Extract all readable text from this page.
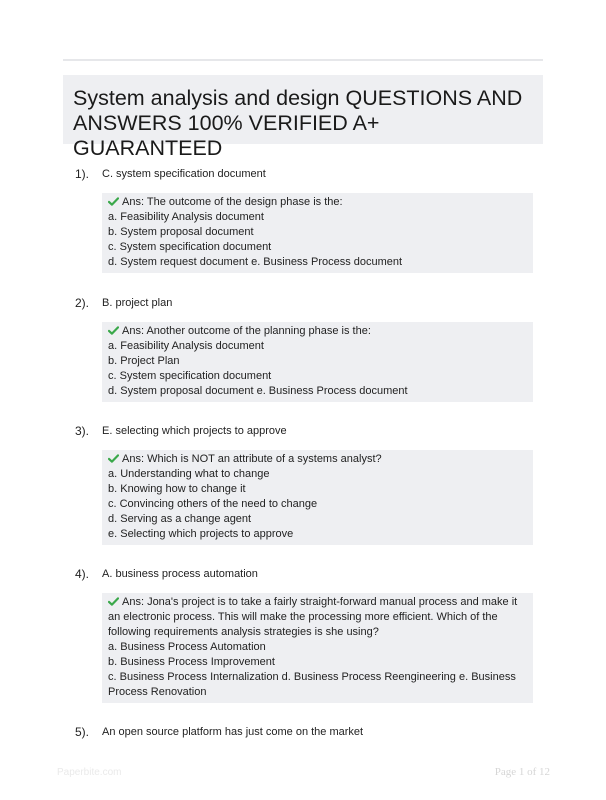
System analysis and design QUESTIONS AND ANSWERS 100% VERIFIED A+ GUARANTEED
1). C. system specification document
Ans: The outcome of the design phase is the:
a. Feasibility Analysis document
b. System proposal document
c. System specification document
d. System request document e. Business Process document
2). B. project plan
Ans: Another outcome of the planning phase is the:
a. Feasibility Analysis document
b. Project Plan
c. System specification document
d. System proposal document e. Business Process document
3). E. selecting which projects to approve
Ans: Which is NOT an attribute of a systems analyst?
a. Understanding what to change
b. Knowing how to change it
c. Convincing others of the need to change
d. Serving as a change agent
e. Selecting which projects to approve
4). A. business process automation
Ans: Jona's project is to take a fairly straight-forward manual process and make it an electronic process. This will make the processing more efficient. Which of the following requirements analysis strategies is she using?
a. Business Process Automation
b. Business Process Improvement
c. Business Process Internalization d. Business Process Reengineering e. Business Process Renovation
5). An open source platform has just come on the market
Paperbite.com	Page 1 of 12
